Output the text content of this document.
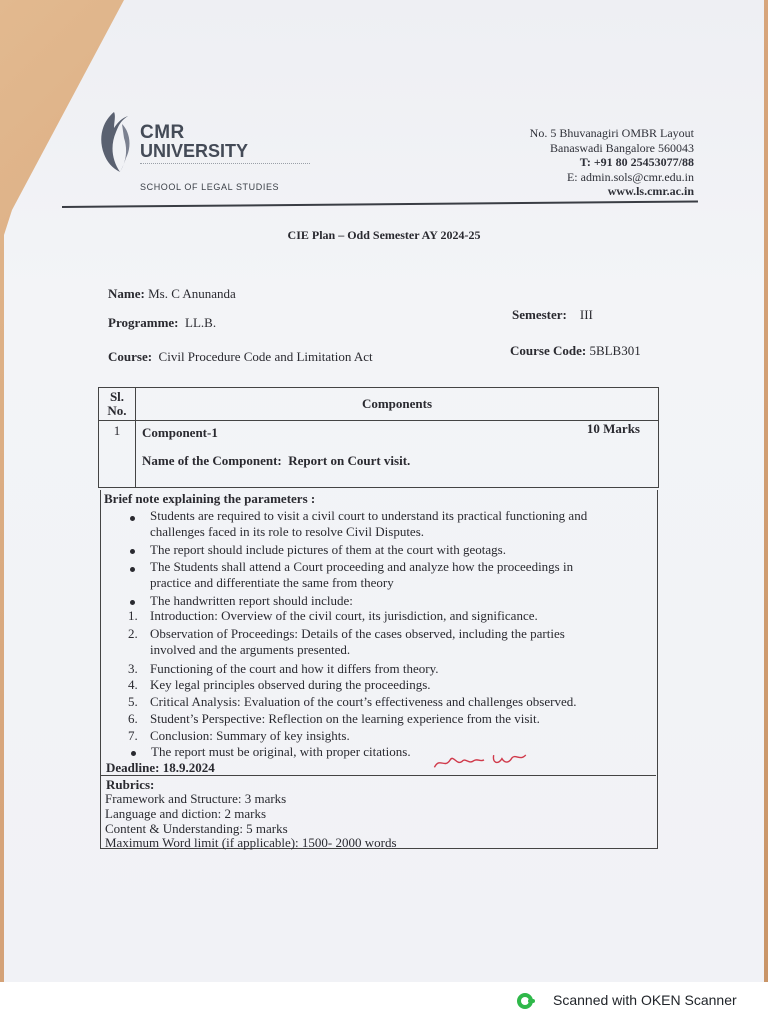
CMR
UNIVERSITY
SCHOOL OF LEGAL STUDIES
No. 5 Bhuvanagiri OMBR Layout
Banaswadi Bangalore 560043
T: +91 80 25453077/88
E: admin.sols@cmr.edu.in
www.ls.cmr.ac.in
CIE Plan – Odd Semester AY 2024-25
Name: Ms. C Anunanda
Programme: LL.B.
Semester: III
Course: Civil Procedure Code and Limitation Act	Course Code: 5BLB301
Sl.
No.	Components
1	Component-1 10 Marks
Name of the Component: Report on Court visit.
Brief note explaining the parameters :
Students are required to visit a civil court to understand its practical functioning and
challenges faced in its role to resolve Civil Disputes.
The report should include pictures of them at the court with geotags.
The Students shall attend a Court proceeding and analyze how the proceedings in
practice and differentiate the same from theory
The handwritten report should include:
1. Introduction: Overview of the civil court, its jurisdiction, and significance.
2. Observation of Proceedings: Details of the cases observed, including the parties
involved and the arguments presented.
3. Functioning of the court and how it differs from theory.
4. Key legal principles observed during the proceedings.
5. Critical Analysis: Evaluation of the court’s effectiveness and challenges observed.
6. Student’s Perspective: Reflection on the learning experience from the visit.
7. Conclusion: Summary of key insights.
The report must be original, with proper citations.
Deadline: 18.9.2024
Rubrics:
Framework and Structure: 3 marks
Language and diction: 2 marks
Content & Understanding: 5 marks
Maximum Word limit (if applicable): 1500- 2000 words
Scanned with OKEN Scanner
